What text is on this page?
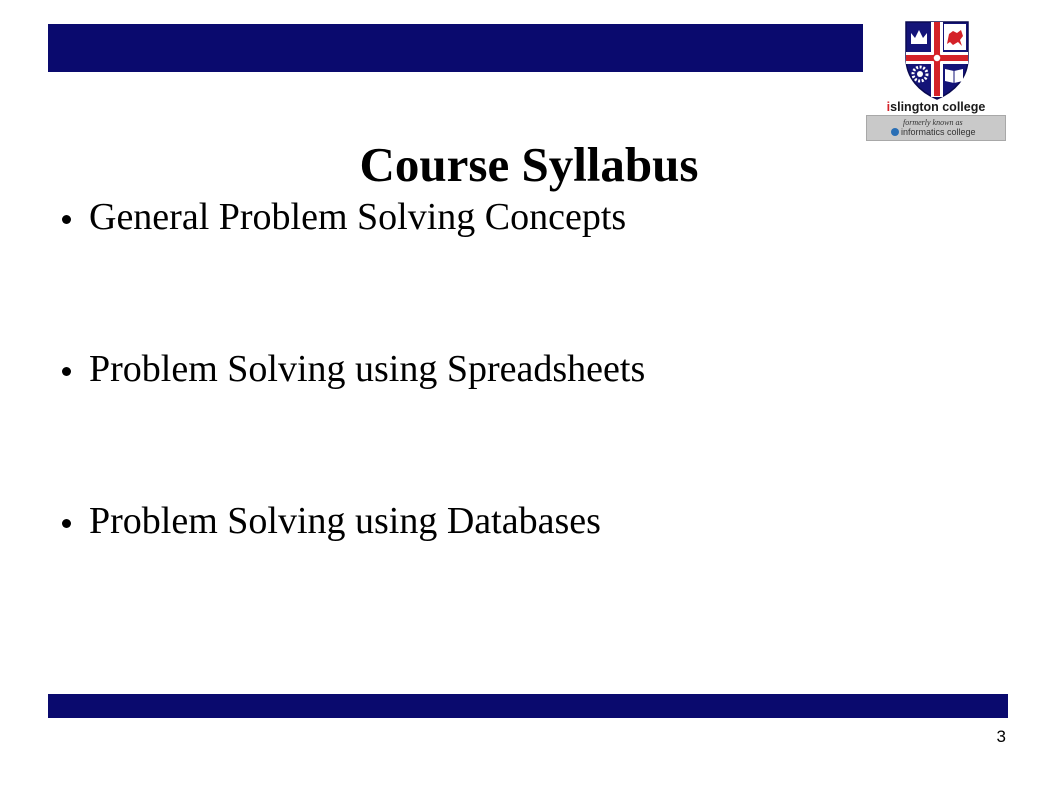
islington college
formerly known as
informatics college
Course Syllabus
General Problem Solving Concepts
Problem Solving using Spreadsheets
Problem Solving using Databases
3
